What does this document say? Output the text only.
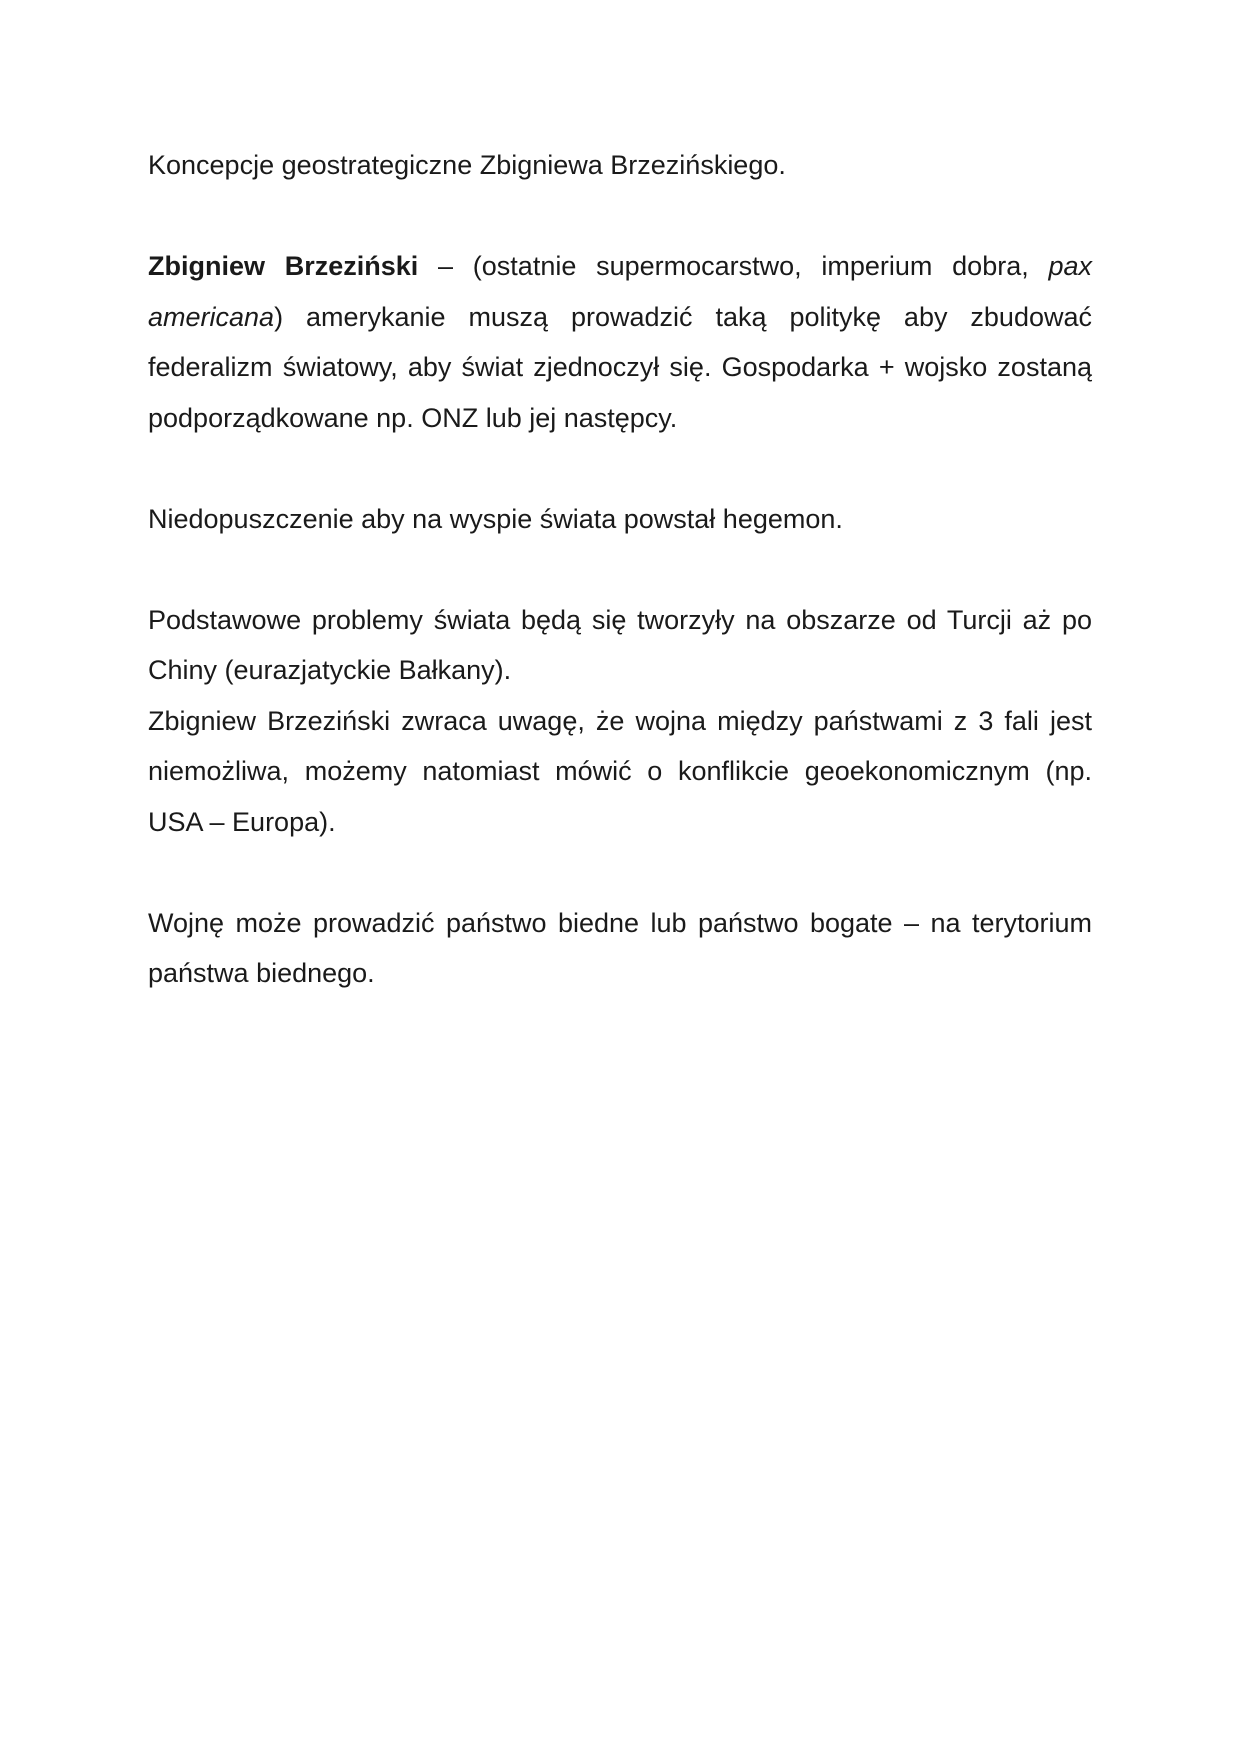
Koncepcje geostrategiczne Zbigniewa Brzezińskiego.

Zbigniew Brzeziński – (ostatnie supermocarstwo, imperium dobra, pax americana) amerykanie muszą prowadzić taką politykę aby zbudować federalizm światowy, aby świat zjednoczył się. Gospodarka + wojsko zostaną podporządkowane np. ONZ lub jej następcy.

Niedopuszczenie aby na wyspie świata powstał hegemon.

Podstawowe problemy świata będą się tworzyły na obszarze od Turcji aż po Chiny (eurazjatyckie Bałkany).

Zbigniew Brzeziński zwraca uwagę, że wojna między państwami z 3 fali jest niemożliwa, możemy natomiast mówić o konflikcie geoekonomicznym (np. USA – Europa).

Wojnę może prowadzić państwo biedne lub państwo bogate – na terytorium państwa biednego.
